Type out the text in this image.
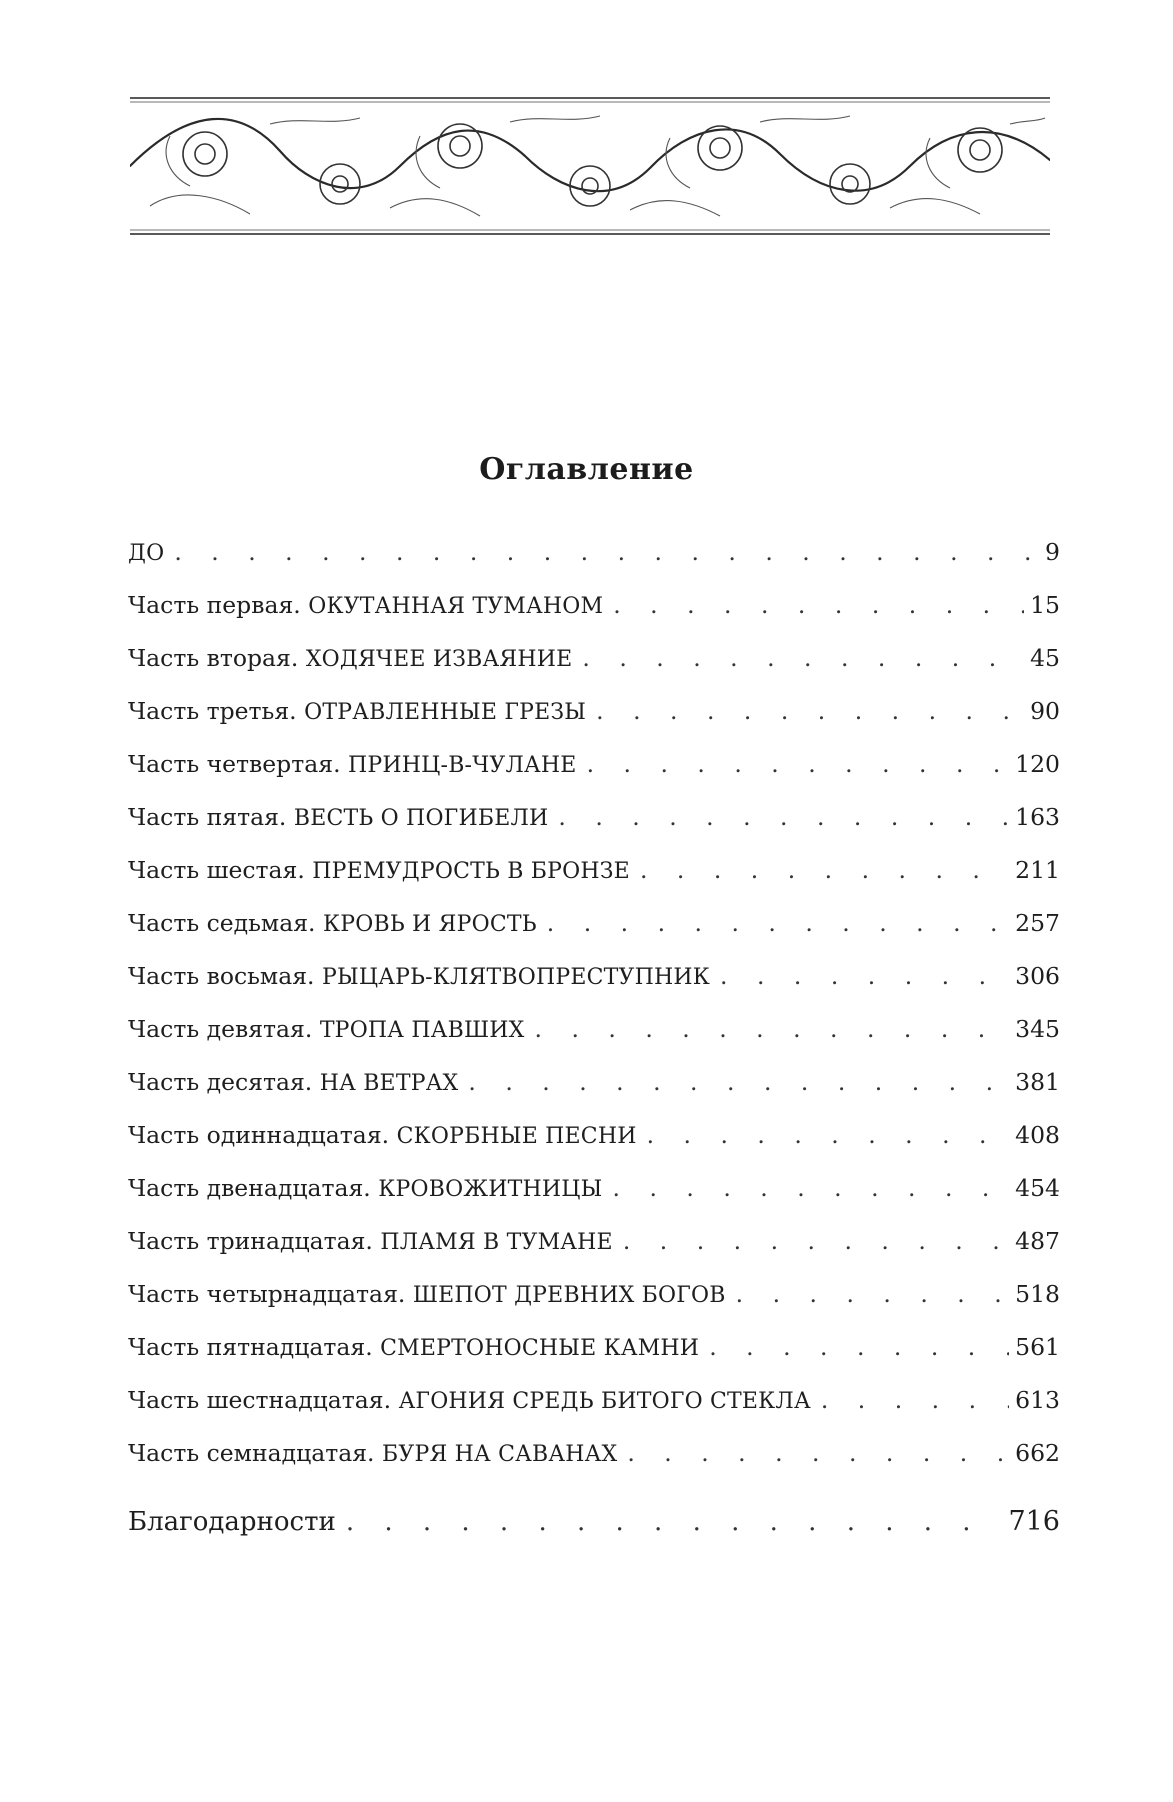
Оглавление
ДО . . .	9
Часть первая. ОКУТАННАЯ ТУМАНОМ . . .	15
Часть вторая. ХОДЯЧЕЕ ИЗВАЯНИЕ . . .	45
Часть третья. ОТРАВЛЕННЫЕ ГРЕЗЫ . . .	90
Часть четвертая. ПРИНЦ-В-ЧУЛАНЕ . . .	120
Часть пятая. ВЕСТЬ О ПОГИБЕЛИ . . .	163
Часть шестая. ПРЕМУДРОСТЬ В БРОНЗЕ . . .	211
Часть седьмая. КРОВЬ И ЯРОСТЬ . . .	257
Часть восьмая. РЫЦАРЬ-КЛЯТВОПРЕСТУПНИК . . .	306
Часть девятая. ТРОПА ПАВШИХ . . .	345
Часть десятая. НА ВЕТРАХ . . .	381
Часть одиннадцатая. СКОРБНЫЕ ПЕСНИ . . .	408
Часть двенадцатая. КРОВОЖИТНИЦЫ . . .	454
Часть тринадцатая. ПЛАМЯ В ТУМАНЕ . . .	487
Часть четырнадцатая. ШЕПОТ ДРЕВНИХ БОГОВ . . .	518
Часть пятнадцатая. СМЕРТОНОСНЫЕ КАМНИ . . .	561
Часть шестнадцатая. АГОНИЯ СРЕДЬ БИТОГО СТЕКЛА . . .	613
Часть семнадцатая. БУРЯ НА САВАНАХ . . .	662
Благодарности . . .	716
